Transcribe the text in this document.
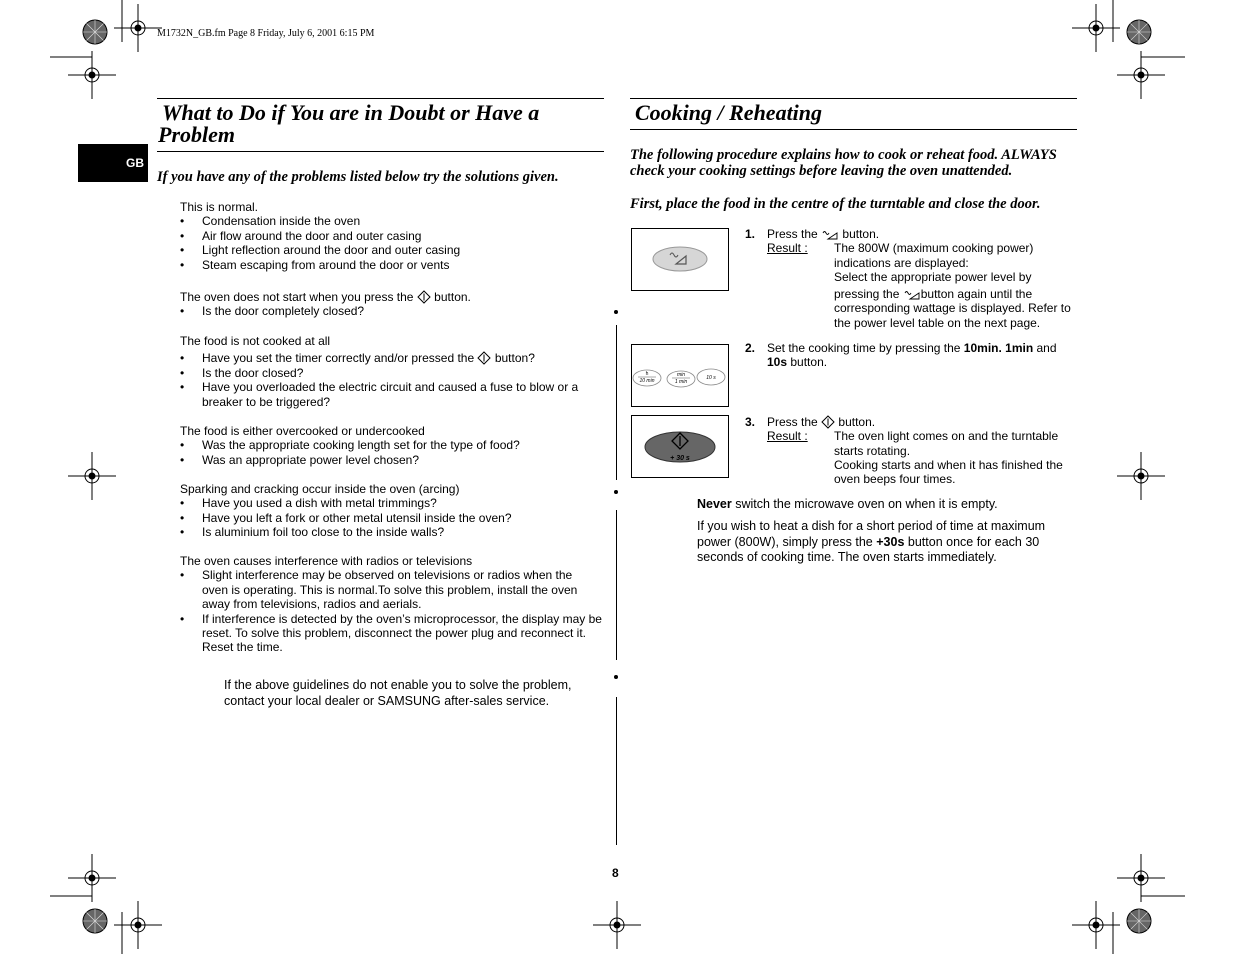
M1732N_GB.fm Page 8 Friday, July 6, 2001 6:15 PM
GB
What to Do if You are in Doubt or Have a
Problem
If you have any of the problems listed below try the solutions given.
This is normal.
• Condensation inside the oven
• Air flow around the door and outer casing
• Light reflection around the door and outer casing
• Steam escaping from around the door or vents
The oven does not start when you press the button.
• Is the door completely closed?
The food is not cooked at all
• Have you set the timer correctly and/or pressed the button?
• Is the door closed?
• Have you overloaded the electric circuit and caused a fuse to blow or a breaker to be triggered?
The food is either overcooked or undercooked
• Was the appropriate cooking length set for the type of food?
• Was an appropriate power level chosen?
Sparking and cracking occur inside the oven (arcing)
• Have you used a dish with metal trimmings?
• Have you left a fork or other metal utensil inside the oven?
• Is aluminium foil too close to the inside walls?
The oven causes interference with radios or televisions
• Slight interference may be observed on televisions or radios when the oven is operating. This is normal.To solve this problem, install the oven away from televisions, radios and aerials.
• If interference is detected by the oven’s microprocessor, the display may be reset. To solve this problem, disconnect the power plug and reconnect it. Reset the time.
If the above guidelines do not enable you to solve the problem, contact your local dealer or SAMSUNG after-sales service.
8
Cooking / Reheating
The following procedure explains how to cook or reheat food. ALWAYS check your cooking settings before leaving the oven unattended.
First, place the food in the centre of the turntable and close the door.
h
10 min
min
1 min
10 s
+ 30 s
1. Press the button.
Result : The 800W (maximum cooking power) indications are displayed:
Select the appropriate power level by
pressing the button again until the corresponding wattage is displayed. Refer to the power level table on the next page.
2. Set the cooking time by pressing the 10min. 1min and 10s button.
3. Press the button.
Result : The oven light comes on and the turntable starts rotating.
Cooking starts and when it has finished the oven beeps four times.
Never switch the microwave oven on when it is empty.
If you wish to heat a dish for a short period of time at maximum power (800W), simply press the +30s button once for each 30 seconds of cooking time. The oven starts immediately.
